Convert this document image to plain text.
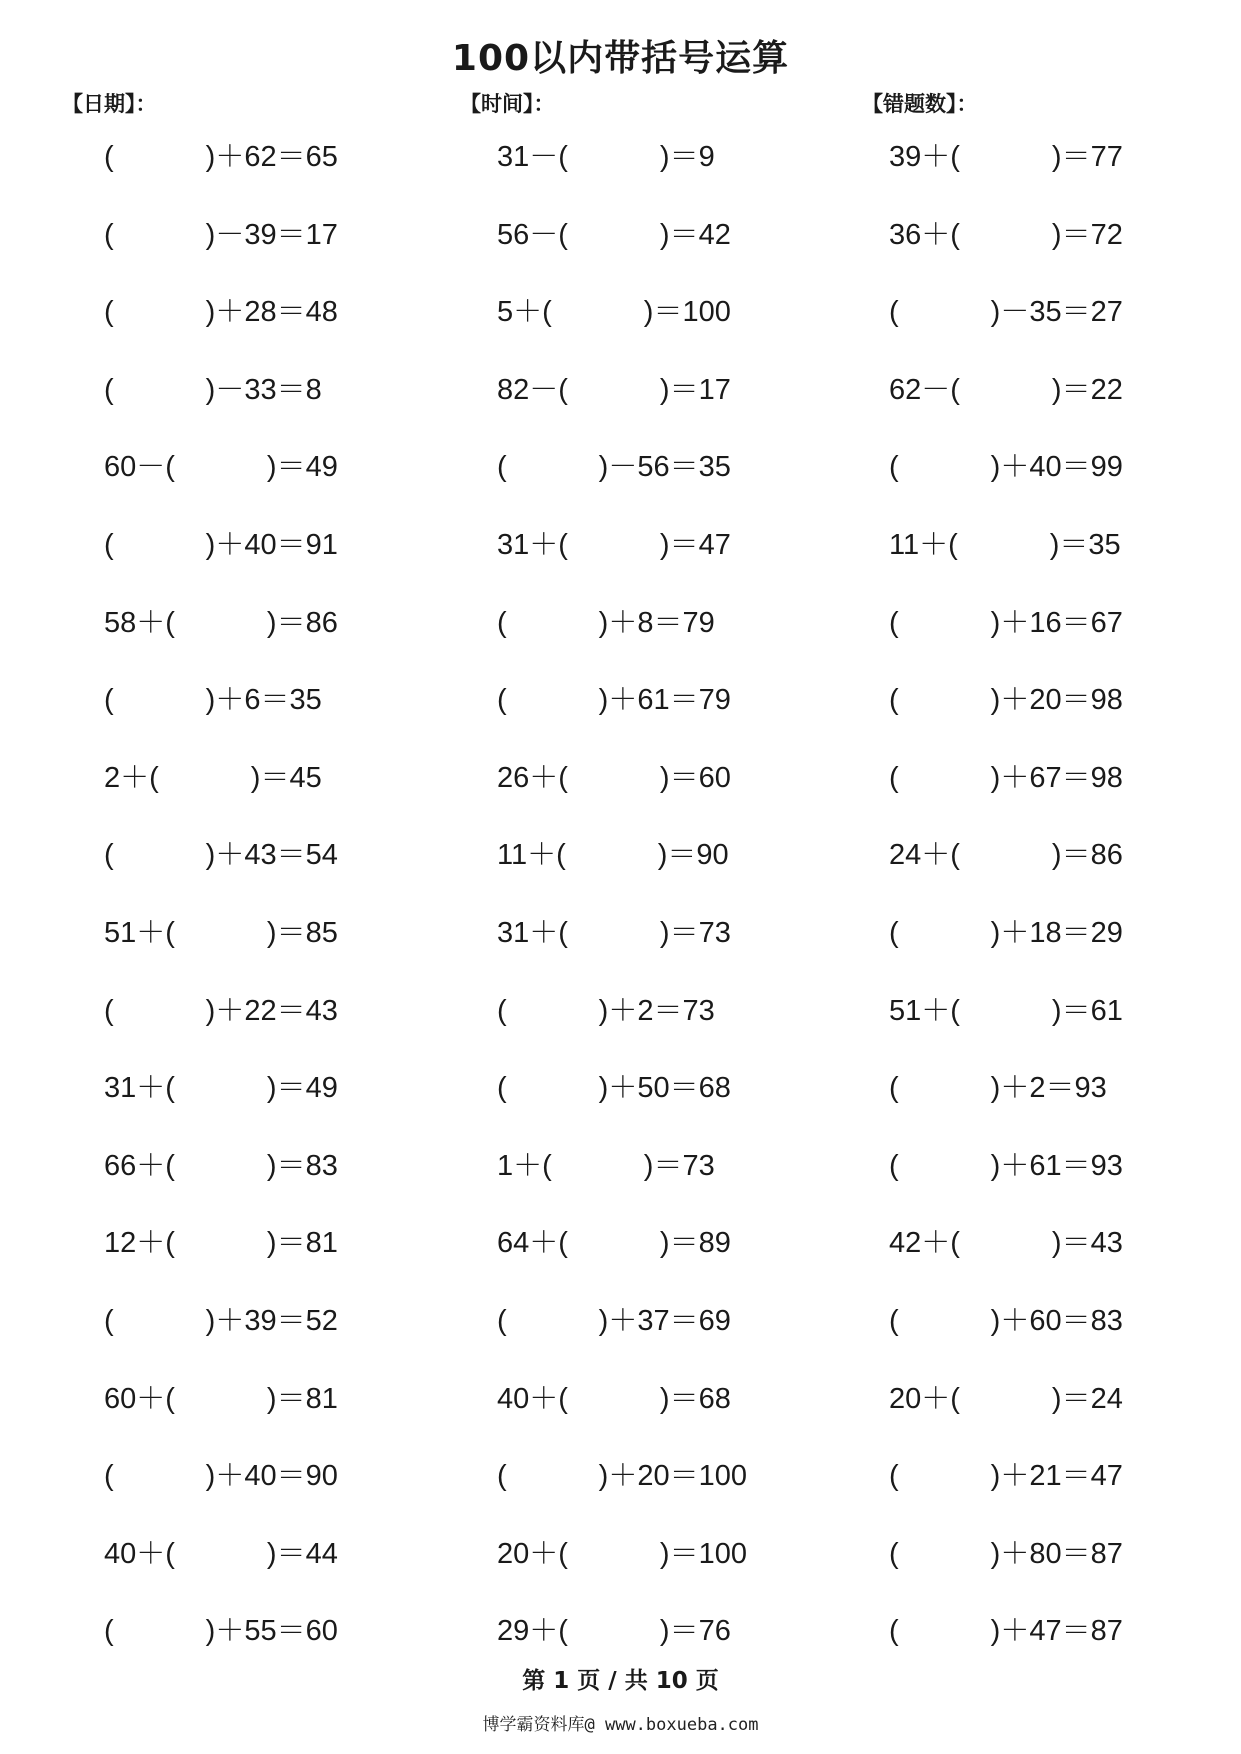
100以内带括号运算
【日期】：	【时间】：	【错题数】：
(	)＋62＝65	31－(	)＝9	39＋(	)＝77
(	)－39＝17	56－(	)＝42	36＋(	)＝72
(	)＋28＝48	5＋(	)＝100	(	)－35＝27
(	)－33＝8	82－(	)＝17	62－(	)＝22
60－(	)＝49	(	)－56＝35	(	)＋40＝99
(	)＋40＝91	31＋(	)＝47	11＋(	)＝35
58＋(	)＝86	(	)＋8＝79	(	)＋16＝67
(	)＋6＝35	(	)＋61＝79	(	)＋20＝98
2＋(	)＝45	26＋(	)＝60	(	)＋67＝98
(	)＋43＝54	11＋(	)＝90	24＋(	)＝86
51＋(	)＝85	31＋(	)＝73	(	)＋18＝29
(	)＋22＝43	(	)＋2＝73	51＋(	)＝61
31＋(	)＝49	(	)＋50＝68	(	)＋2＝93
66＋(	)＝83	1＋(	)＝73	(	)＋61＝93
12＋(	)＝81	64＋(	)＝89	42＋(	)＝43
(	)＋39＝52	(	)＋37＝69	(	)＋60＝83
60＋(	)＝81	40＋(	)＝68	20＋(	)＝24
(	)＋40＝90	(	)＋20＝100	(	)＋21＝47
40＋(	)＝44	20＋(	)＝100	(	)＋80＝87
(	)＋55＝60	29＋(	)＝76	(	)＋47＝87
第 1 页 / 共 10 页
博学霸资料库@ www.boxueba.com
